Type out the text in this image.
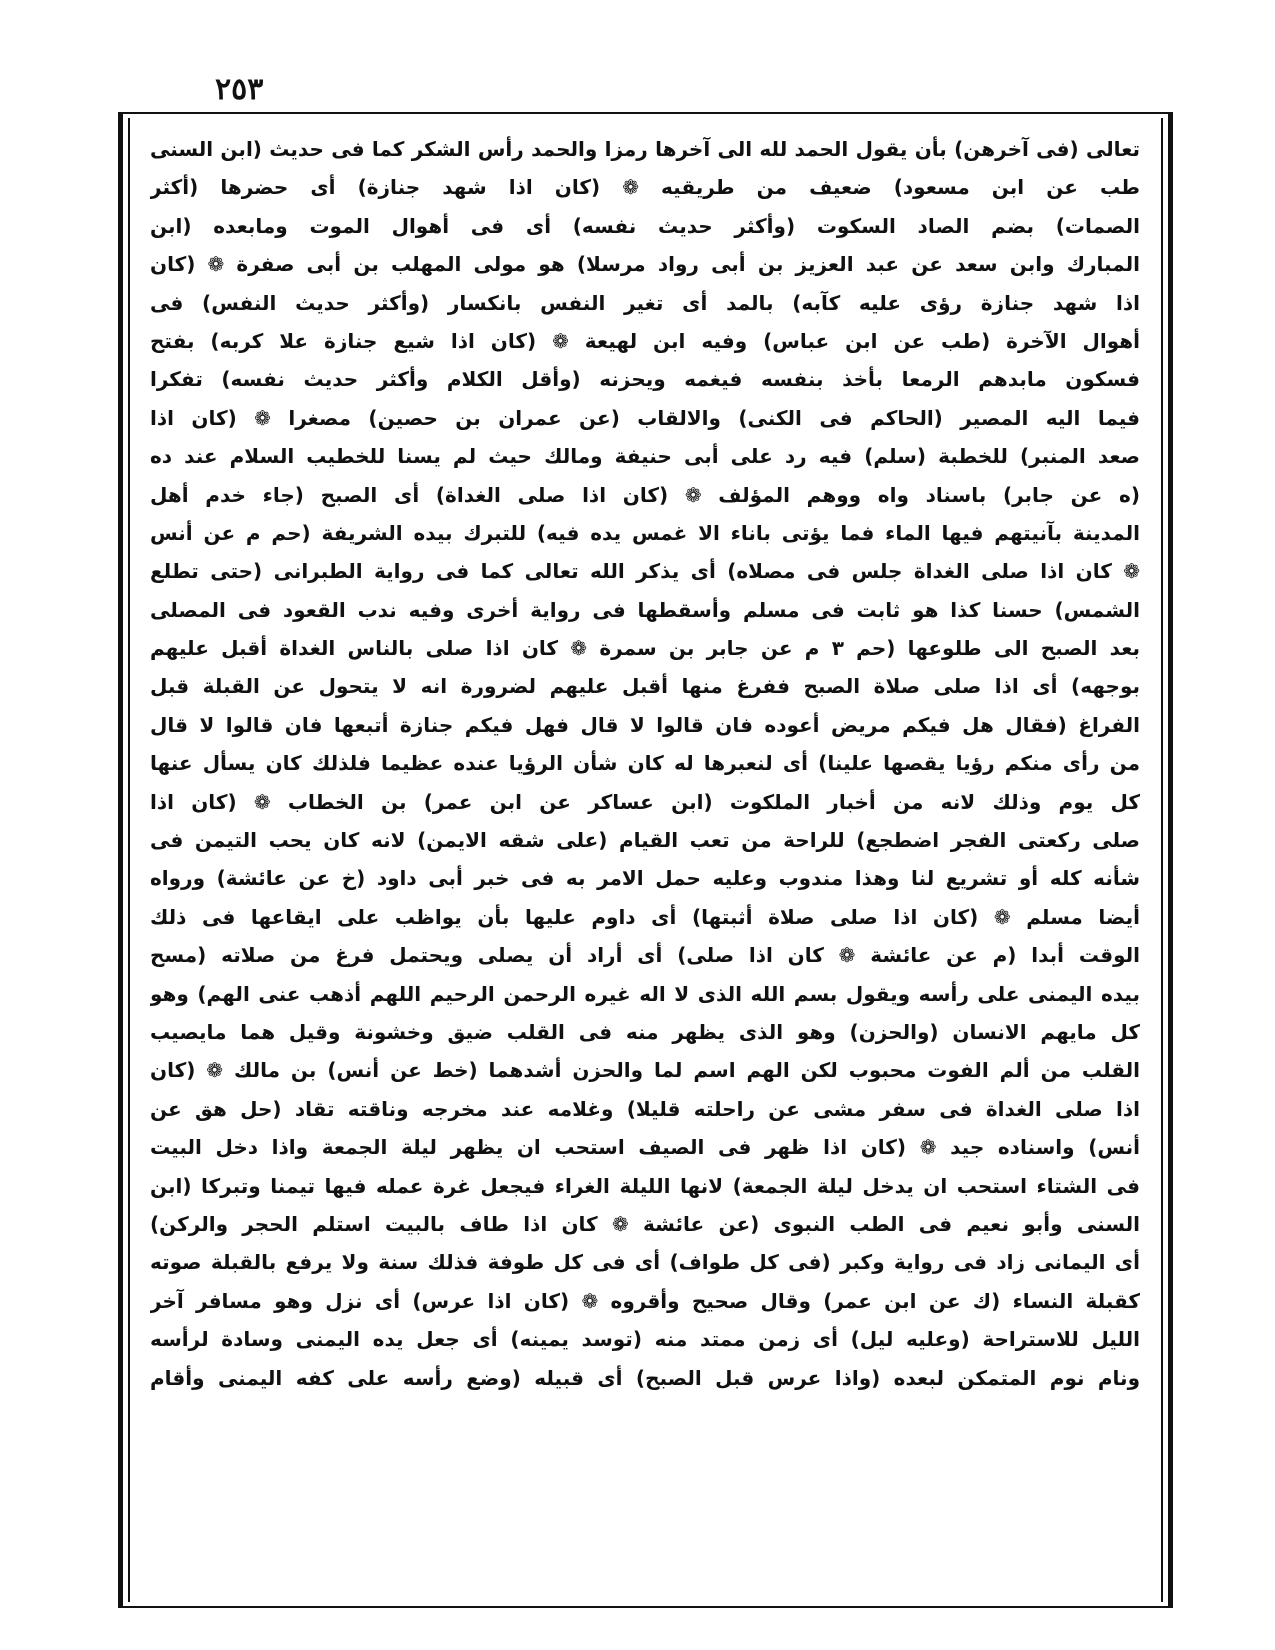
٢٥٣
تعالى (فى آخرهن) بأن يقول الحمد لله الى آخرها رمزا والحمد رأس الشكر كما فى حديث (ابن السنى
طب عن ابن مسعود) ضعيف من طريقيه ❁ (كان اذا شهد جنازة) أى حضرها (أكثر
الصمات) بضم الصاد السكوت (وأكثر حديث نفسه) أى فى أهوال الموت ومابعده (ابن
المبارك وابن سعد عن عبد العزيز بن أبى رواد مرسلا) هو مولى المهلب بن أبى صفرة ❁ (كان
اذا شهد جنازة رؤى عليه كآبه) بالمد أى تغير النفس بانكسار (وأكثر حديث النفس) فى
أهوال الآخرة (طب عن ابن عباس) وفيه ابن لهيعة ❁ (كان اذا شيع جنازة علا كربه) بفتح
فسكون مابدهم الرمعا بأخذ بنفسه فيغمه ويحزنه (وأقل الكلام وأكثر حديث نفسه) تفكرا
فيما اليه المصير (الحاكم فى الكنى) والالقاب (عن عمران بن حصين) مصغرا ❁ (كان اذا
صعد المنبر) للخطبة (سلم) فيه رد على أبى حنيفة ومالك حيث لم يسنا للخطيب السلام عند ده
(ه عن جابر) باسناد واه ووهم المؤلف ❁ (كان اذا صلى الغداة) أى الصبح (جاء خدم أهل
المدينة بآنيتهم فيها الماء فما يؤتى باناء الا غمس يده فيه) للتبرك بيده الشريفة (حم م عن أنس
❁ كان اذا صلى الغداة جلس فى مصلاه) أى يذكر الله تعالى كما فى رواية الطبرانى (حتى تطلع
الشمس) حسنا كذا هو ثابت فى مسلم وأسقطها فى رواية أخرى وفيه ندب القعود فى المصلى
بعد الصبح الى طلوعها (حم ٣ م عن جابر بن سمرة ❁ كان اذا صلى بالناس الغداة أقبل عليهم
بوجهه) أى اذا صلى صلاة الصبح ففرغ منها أقبل عليهم لضرورة انه لا يتحول عن القبلة قبل
الفراغ (فقال هل فيكم مريض أعوده فان قالوا لا قال فهل فيكم جنازة أتبعها فان قالوا لا قال
من رأى منكم رؤيا يقصها علينا) أى لنعبرها له كان شأن الرؤيا عنده عظيما فلذلك كان يسأل عنها
كل يوم وذلك لانه من أخبار الملكوت (ابن عساكر عن ابن عمر) بن الخطاب ❁ (كان اذا
صلى ركعتى الفجر اضطجع) للراحة من تعب القيام (على شقه الايمن) لانه كان يحب التيمن فى
شأنه كله أو تشريع لنا وهذا مندوب وعليه حمل الامر به فى خبر أبى داود (خ عن عائشة) ورواه
أيضا مسلم ❁ (كان اذا صلى صلاة أثبتها) أى داوم عليها بأن يواظب على ايقاعها فى ذلك
الوقت أبدا (م عن عائشة ❁ كان اذا صلى) أى أراد أن يصلى ويحتمل فرغ من صلاته (مسح
بيده اليمنى على رأسه ويقول بسم الله الذى لا اله غيره الرحمن الرحيم اللهم أذهب عنى الهم) وهو
كل مايهم الانسان (والحزن) وهو الذى يظهر منه فى القلب ضيق وخشونة وقيل هما مايصيب
القلب من ألم الفوت محبوب لكن الهم اسم لما والحزن أشدهما (خط عن أنس) بن مالك ❁ (كان
اذا صلى الغداة فى سفر مشى عن راحلته قليلا) وغلامه عند مخرجه وناقته تقاد (حل هق عن
أنس) واسناده جيد ❁ (كان اذا ظهر فى الصيف استحب ان يظهر ليلة الجمعة واذا دخل البيت
فى الشتاء استحب ان يدخل ليلة الجمعة) لانها الليلة الغراء فيجعل غرة عمله فيها تيمنا وتبركا (ابن
السنى وأبو نعيم فى الطب النبوى (عن عائشة ❁ كان اذا طاف بالبيت استلم الحجر والركن)
أى اليمانى زاد فى رواية وكبر (فى كل طواف) أى فى كل طوفة فذلك سنة ولا يرفع بالقبلة صوته
كقبلة النساء (ك عن ابن عمر) وقال صحيح وأقروه ❁ (كان اذا عرس) أى نزل وهو مسافر آخر
الليل للاستراحة (وعليه ليل) أى زمن ممتد منه (توسد يمينه) أى جعل يده اليمنى وسادة لرأسه
ونام نوم المتمكن لبعده (واذا عرس قبل الصبح) أى قبيله (وضع رأسه على كفه اليمنى وأقام
